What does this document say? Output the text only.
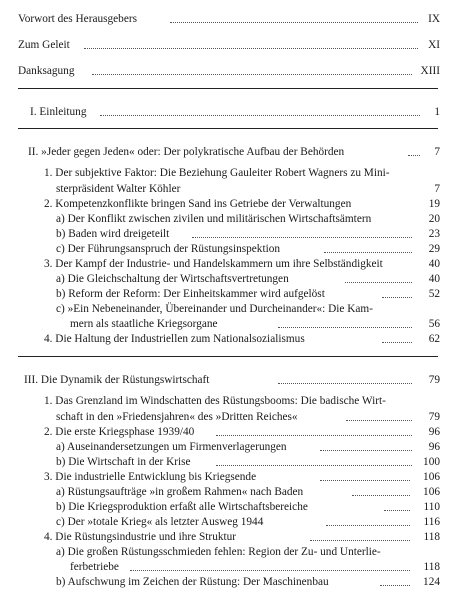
Vorwort des Herausgebers	IX
Zum Geleit	XI
Danksagung	XIII
I. Einleitung	1
II. »Jeder gegen Jeden« oder: Der polykratische Aufbau der Behörden	7
1. Der subjektive Faktor: Die Beziehung Gauleiter Robert Wagners zu Mini-
sterpräsident Walter Köhler	7
2. Kompetenzkonflikte bringen Sand ins Getriebe der Verwaltungen	19
a) Der Konflikt zwischen zivilen und militärischen Wirtschaftsämtern	20
b) Baden wird dreigeteilt	23
c) Der Führungsanspruch der Rüstungsinspektion	29
3. Der Kampf der Industrie- und Handelskammern um ihre Selbständigkeit	40
a) Die Gleichschaltung der Wirtschaftsvertretungen	40
b) Reform der Reform: Der Einheitskammer wird aufgelöst	52
c) »Ein Nebeneinander, Übereinander und Durcheinander«: Die Kam-
mern als staatliche Kriegsorgane	56
4. Die Haltung der Industriellen zum Nationalsozialismus	62
III. Die Dynamik der Rüstungswirtschaft	79
1. Das Grenzland im Windschatten des Rüstungsbooms: Die badische Wirt-
schaft in den »Friedensjahren« des »Dritten Reiches«	79
2. Die erste Kriegsphase 1939/40	96
a) Auseinandersetzungen um Firmenverlagerungen	96
b) Die Wirtschaft in der Krise	100
3. Die industrielle Entwicklung bis Kriegsende	106
a) Rüstungsaufträge »in großem Rahmen« nach Baden	106
b) Die Kriegsproduktion erfaßt alle Wirtschaftsbereiche	110
c) Der »totale Krieg« als letzter Ausweg 1944	116
4. Die Rüstungsindustrie und ihre Struktur	118
a) Die großen Rüstungsschmieden fehlen: Region der Zu- und Unterlie-
ferbetriebe	118
b) Aufschwung im Zeichen der Rüstung: Der Maschinenbau	124
